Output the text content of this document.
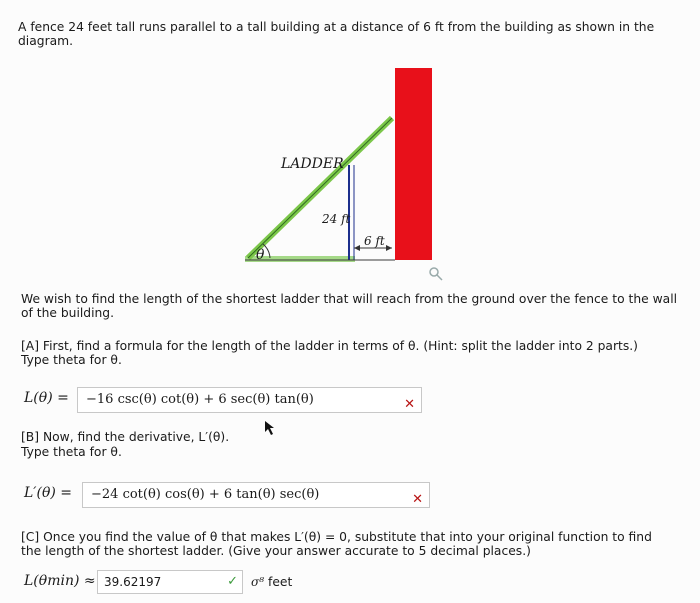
A fence 24 feet tall runs parallel to a tall building at a distance of 6 ft from the building as shown in the
diagram.
LADDER
24 ft
6 ft
θ
We wish to find the length of the shortest ladder that will reach from the ground over the fence to the wall
of the building.
[A] First, find a formula for the length of the ladder in terms of θ. (Hint: split the ladder into 2 parts.)
Type theta for θ.
L(θ) =	−16 csc(θ) cot(θ) + 6 sec(θ) tan(θ)	✕
[B] Now, find the derivative, L′(θ).
Type theta for θ.
L′(θ) =	−24 cot(θ) cos(θ) + 6 tan(θ) sec(θ)	✕
[C] Once you find the value of θ that makes L′(θ) = 0, substitute that into your original function to find
the length of the shortest ladder. (Give your answer accurate to 5 decimal places.)
L(θmin) ≈ 39.62197	✓ σ⁸ feet
